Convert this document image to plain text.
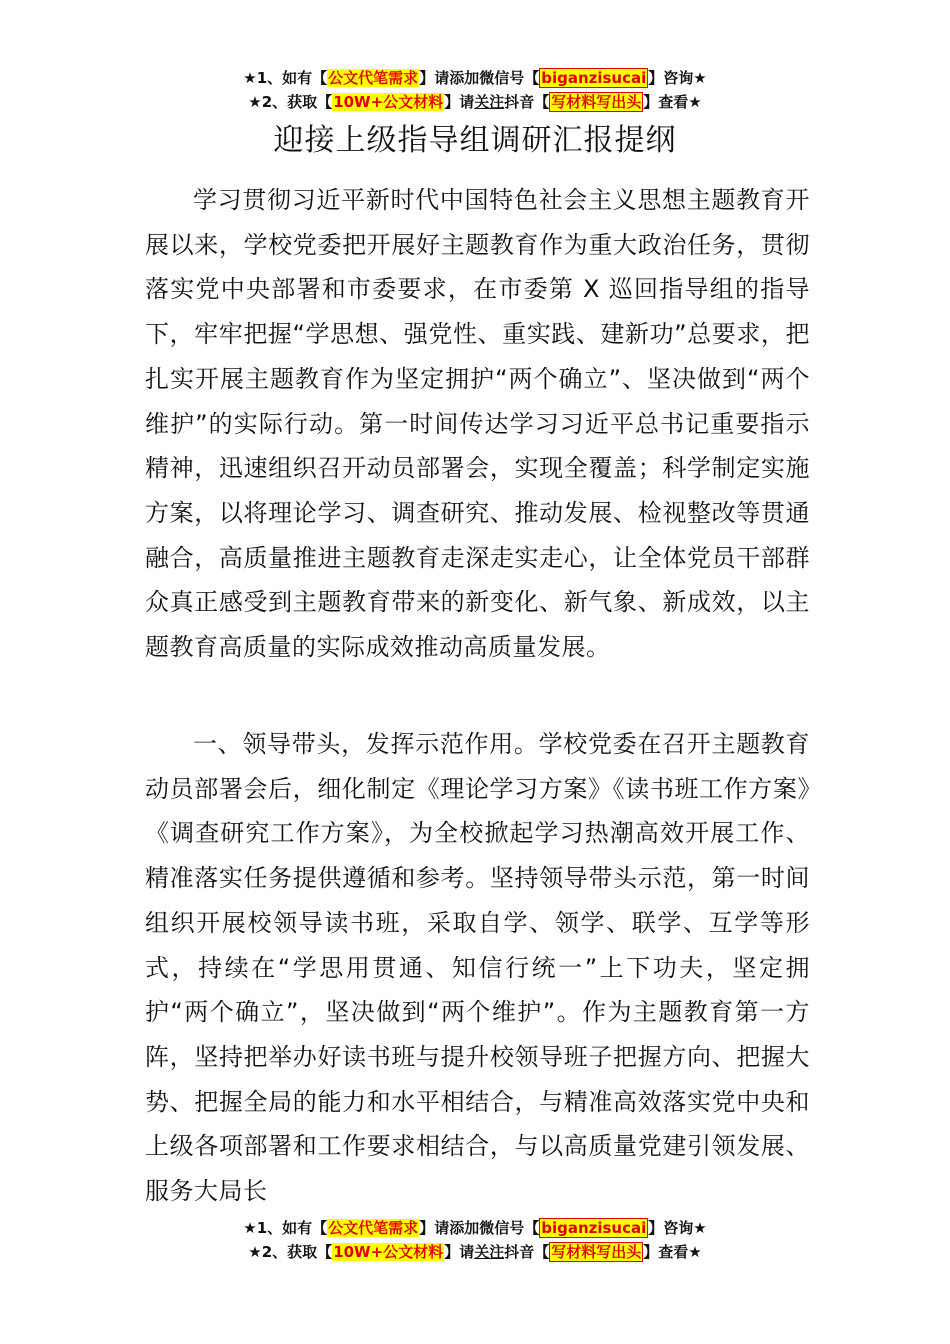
★1、如有【公文代笔需求】请添加微信号【 biganzisucai 】咨询★
★2、获取【10W+公文材料】请关注抖音【 写材料写出头 】查看★
迎接上级指导组调研汇报提纲

学习贯彻习近平新时代中国特色社会主义思想主题教育开展以来，学校党委把开展好主题教育作为重大政治任务，贯彻落实党中央部署和市委要求，在市委第 X 巡回指导组的指导下，牢牢把握“学思想、强党性、重实践、建新功”总要求，把扎实开展主题教育作为坚定拥护“两个确立”、坚决做到“两个维护”的实际行动。第一时间传达学习习近平总书记重要指示精神，迅速组织召开动员部署会，实现全覆盖；科学制定实施方案，以将理论学习、调查研究、推动发展、检视整改等贯通融合，高质量推进主题教育走深走实走心，让全体党员干部群众真正感受到主题教育带来的新变化、新气象、新成效，以主题教育高质量的实际成效推动高质量发展。

一、领导带头，发挥示范作用。学校党委在召开主题教育动员部署会后，细化制定《理论学习方案》《读书班工作方案》《调查研究工作方案》，为全校掀起学习热潮高效开展工作、精准落实任务提供遵循和参考。坚持领导带头示范，第一时间组织开展校领导读书班，采取自学、领学、联学、互学等形式，持续在“学思用贯通、知信行统一”上下功夫，坚定拥护“两个确立”，坚决做到“两个维护”。作为主题教育第一方阵，坚持把举办好读书班与提升校领导班子把握方向、把握大势、把握全局的能力和水平相结合，与精准高效落实党中央和上级各项部署和工作要求相结合，与以高质量党建引领发展、服务大局长

★1、如有【公文代笔需求】请添加微信号【 biganzisucai 】咨询★
★2、获取【10W+公文材料】请关注抖音【 写材料写出头 】查看★
